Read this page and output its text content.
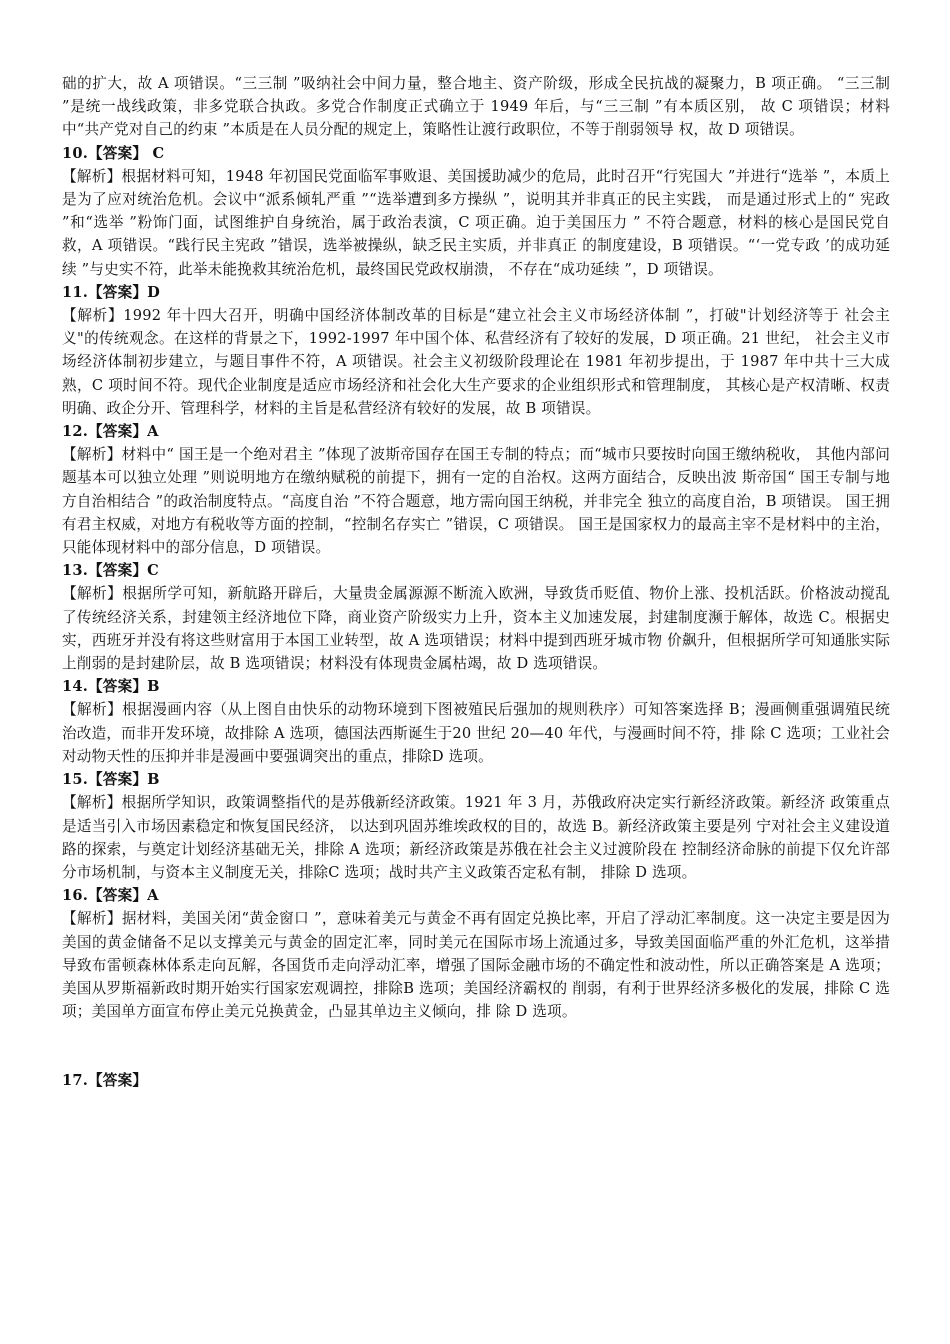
础的扩大，故 A 项错误。“三三制 ”吸纳社会中间力量，整合地主、资产阶级，形成全民抗战的凝聚力，B 项正确。 “三三制 ”是统一战线政策，非多党联合执政。多党合作制度正式确立于 1949 年后，与“三三制 ”有本质区别， 故 C 项错误；材料中“共产党对自己的约束 ”本质是在人员分配的规定上，策略性让渡行政职位，不等于削弱领导 权，故 D 项错误。

10.【答案】 C

【解析】根据材料可知，1948 年初国民党面临军事败退、美国援助减少的危局，此时召开“行宪国大 ”并进行“选举 ”，本质上是为了应对统治危机。会议中“派系倾轧严重 ”“选举遭到多方操纵 ”，说明其并非真正的民主实践， 而是通过形式上的“ 宪政 ”和“选举 ”粉饰门面，试图维护自身统治，属于政治表演，C 项正确。迫于美国压力 ” 不符合题意，材料的核心是国民党自救，A 项错误。“践行民主宪政 ”错误，选举被操纵，缺乏民主实质，并非真正 的制度建设，B 项错误。“‘一党专政 ’的成功延续 ”与史实不符，此举未能挽救其统治危机，最终国民党政权崩溃， 不存在“成功延续 ”，D 项错误。

11.【答案】D

【解析】1992 年十四大召开，明确中国经济体制改革的目标是“建立社会主义市场经济体制 ”，打破"计划经济等于 社会主义"的传统观念。在这样的背景之下，1992-1997 年中国个体、私营经济有了较好的发展，D 项正确。21 世纪， 社会主义市场经济体制初步建立，与题目事件不符，A 项错误。社会主义初级阶段理论在 1981 年初步提出，于 1987 年中共十三大成熟，C 项时间不符。现代企业制度是适应市场经济和社会化大生产要求的企业组织形式和管理制度， 其核心是产权清晰、权责明确、政企分开、管理科学，材料的主旨是私营经济有较好的发展，故 B 项错误。

12.【答案】A

【解析】材料中“ 国王是一个绝对君主 ”体现了波斯帝国存在国王专制的特点；而“城市只要按时向国王缴纳税收， 其他内部问题基本可以独立处理 ”则说明地方在缴纳赋税的前提下，拥有一定的自治权。这两方面结合，反映出波 斯帝国“ 国王专制与地方自治相结合 ”的政治制度特点。“高度自治 ”不符合题意，地方需向国王纳税，并非完全 独立的高度自治，B 项错误。 国王拥有君主权威，对地方有税收等方面的控制，“控制名存实亡 ”错误，C 项错误。 国王是国家权力的最高主宰不是材料中的主治，只能体现材料中的部分信息，D 项错误。

13.【答案】C

【解析】根据所学可知，新航路开辟后，大量贵金属源源不断流入欧洲，导致货币贬值、物价上涨、投机活跃。价格波动搅乱了传统经济关系，封建领主经济地位下降，商业资产阶级实力上升，资本主义加速发展，封建制度濒于解体，故选 C。根据史实，西班牙并没有将这些财富用于本国工业转型，故 A 选项错误；材料中提到西班牙城市物 价飙升，但根据所学可知通胀实际上削弱的是封建阶层，故 B 选项错误；材料没有体现贵金属枯竭，故 D 选项错误。

14.【答案】B

【解析】根据漫画内容（从上图自由快乐的动物环境到下图被殖民后强加的规则秩序）可知答案选择 B；漫画侧重强调殖民统治改造，而非开发环境，故排除 A 选项，德国法西斯诞生于20 世纪 20—40 年代，与漫画时间不符，排 除 C 选项；工业社会对动物天性的压抑并非是漫画中要强调突出的重点，排除D 选项。

15.【答案】B

【解析】根据所学知识，政策调整指代的是苏俄新经济政策。1921 年 3 月，苏俄政府决定实行新经济政策。新经济 政策重点是适当引入市场因素稳定和恢复国民经济， 以达到巩固苏维埃政权的目的，故选 B。新经济政策主要是列 宁对社会主义建设道路的探索，与奠定计划经济基础无关，排除 A 选项；新经济政策是苏俄在社会主义过渡阶段在 控制经济命脉的前提下仅允许部分市场机制，与资本主义制度无关，排除C 选项；战时共产主义政策否定私有制， 排除 D 选项。

16.【答案】A

【解析】据材料，美国关闭“黄金窗口 ”，意味着美元与黄金不再有固定兑换比率，开启了浮动汇率制度。这一决定主要是因为美国的黄金储备不足以支撑美元与黄金的固定汇率，同时美元在国际市场上流通过多，导致美国面临严重的外汇危机，这举措导致布雷顿森林体系走向瓦解，各国货币走向浮动汇率，增强了国际金融市场的不确定性和波动性，所以正确答案是 A 选项；美国从罗斯福新政时期开始实行国家宏观调控，排除B 选项；美国经济霸权的 削弱，有利于世界经济多极化的发展，排除 C 选项；美国单方面宣布停止美元兑换黄金，凸显其单边主义倾向，排 除 D 选项。

17.【答案】
